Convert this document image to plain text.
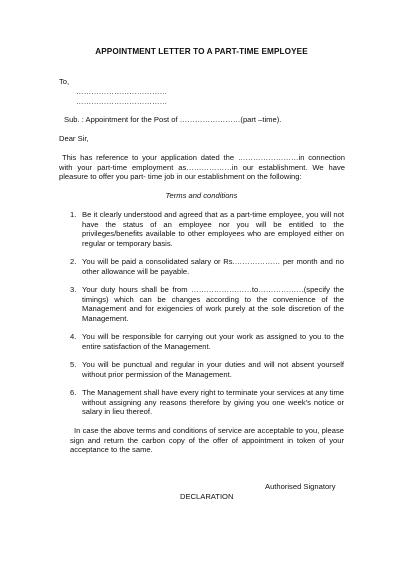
APPOINTMENT LETTER TO A PART-TIME EMPLOYEE
To,
………………………………
………………………………
Sub. : Appointment for the Post of ……………………(part –time).
Dear Sir,
This has reference to your application dated the ……………………in connection with your part-time employment as………………in our establishment. We have pleasure to offer you part- time job in our establishment on the following:
Terms and conditions
1. Be it clearly understood and agreed that as a part-time employee, you will not have the status of an employee nor you will be entitled to the privileges/benefits available to other employees who are employed either on regular or temporary basis.
2. You will be paid a consolidated salary or Rs.……………… per month and no other allowance will be payable.
3. Your duty hours shall be from ……………………to………………(specify the timings) which can be changes according to the convenience of the Management and for exigencies of work purely at the sole discretion of the Management.
4. You will be responsible for carrying out your work as assigned to you to the entire satisfaction of the Management.
5. You will be punctual and regular in your duties and will not absent yourself without prior permission of the Management.
6. The Management shall have every right to terminate your services at any time without assigning any reasons therefore by giving you one week's notice or salary in lieu thereof.
In case the above terms and conditions of service are acceptable to you, please sign and return the carbon copy of the offer of appointment in token of your acceptance to the same.
Authorised Signatory
DECLARATION
